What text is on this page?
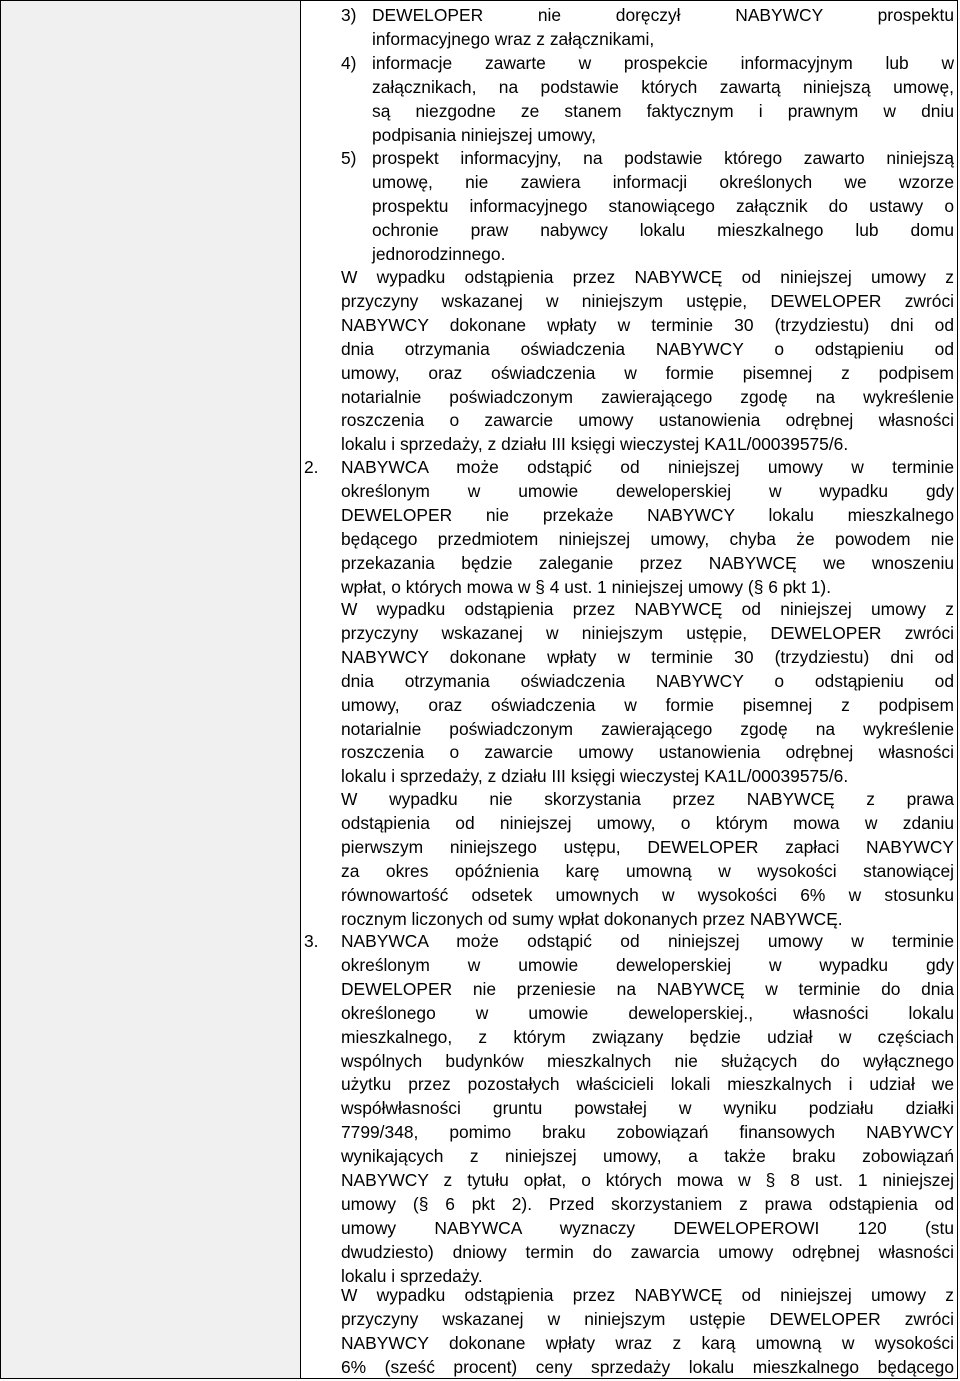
3) DEWELOPER nie doręczył NABYWCY prospektu
informacyjnego wraz z załącznikami,
4) informacje zawarte w prospekcie informacyjnym lub w
załącznikach, na podstawie których zawartą niniejszą umowę,
są niezgodne ze stanem faktycznym i prawnym w dniu
podpisania niniejszej umowy,
5) prospekt informacyjny, na podstawie którego zawarto niniejszą
umowę, nie zawiera informacji określonych we wzorze
prospektu informacyjnego stanowiącego załącznik do ustawy o
ochronie praw nabywcy lokalu mieszkalnego lub domu
jednorodzinnego.
W wypadku odstąpienia przez NABYWCĘ od niniejszej umowy z
przyczyny wskazanej w niniejszym ustępie, DEWELOPER zwróci
NABYWCY dokonane wpłaty w terminie 30 (trzydziestu) dni od
dnia otrzymania oświadczenia NABYWCY o odstąpieniu od
umowy, oraz oświadczenia w formie pisemnej z podpisem
notarialnie poświadczonym zawierającego zgodę na wykreślenie
roszczenia o zawarcie umowy ustanowienia odrębnej własności
lokalu i sprzedaży, z działu III księgi wieczystej KA1L/00039575/6.
2. NABYWCA może odstąpić od niniejszej umowy w terminie
określonym w umowie deweloperskiej w wypadku gdy
DEWELOPER nie przekaże NABYWCY lokalu mieszkalnego
będącego przedmiotem niniejszej umowy, chyba że powodem nie
przekazania będzie zaleganie przez NABYWCĘ we wnoszeniu
wpłat, o których mowa w § 4 ust. 1 niniejszej umowy (§ 6 pkt 1).
W wypadku odstąpienia przez NABYWCĘ od niniejszej umowy z
przyczyny wskazanej w niniejszym ustępie, DEWELOPER zwróci
NABYWCY dokonane wpłaty w terminie 30 (trzydziestu) dni od
dnia otrzymania oświadczenia NABYWCY o odstąpieniu od
umowy, oraz oświadczenia w formie pisemnej z podpisem
notarialnie poświadczonym zawierającego zgodę na wykreślenie
roszczenia o zawarcie umowy ustanowienia odrębnej własności
lokalu i sprzedaży, z działu III księgi wieczystej KA1L/00039575/6.
W wypadku nie skorzystania przez NABYWCĘ z prawa
odstąpienia od niniejszej umowy, o którym mowa w zdaniu
pierwszym niniejszego ustępu, DEWELOPER zapłaci NABYWCY
za okres opóźnienia karę umowną w wysokości stanowiącej
równowartość odsetek umownych w wysokości 6% w stosunku
rocznym liczonych od sumy wpłat dokonanych przez NABYWCĘ.
3. NABYWCA może odstąpić od niniejszej umowy w terminie
określonym w umowie deweloperskiej w wypadku gdy
DEWELOPER nie przeniesie na NABYWCĘ w terminie do dnia
określonego w umowie deweloperskiej., własności lokalu
mieszkalnego, z którym związany będzie udział w częściach
wspólnych budynków mieszkalnych nie służących do wyłącznego
użytku przez pozostałych właścicieli lokali mieszkalnych i udział we
współwłasności gruntu powstałej w wyniku podziału działki
7799/348, pomimo braku zobowiązań finansowych NABYWCY
wynikających z niniejszej umowy, a także braku zobowiązań
NABYWCY z tytułu opłat, o których mowa w § 8 ust. 1 niniejszej
umowy (§ 6 pkt 2). Przed skorzystaniem z prawa odstąpienia od
umowy NABYWCA wyznaczy DEWELOPEROWI 120 (stu
dwudziesto) dniowy termin do zawarcia umowy odrębnej własności
lokalu i sprzedaży.
W wypadku odstąpienia przez NABYWCĘ od niniejszej umowy z
przyczyny wskazanej w niniejszym ustępie DEWELOPER zwróci
NABYWCY dokonane wpłaty wraz z karą umowną w wysokości
6% (sześć procent) ceny sprzedaży lokalu mieszkalnego będącego
